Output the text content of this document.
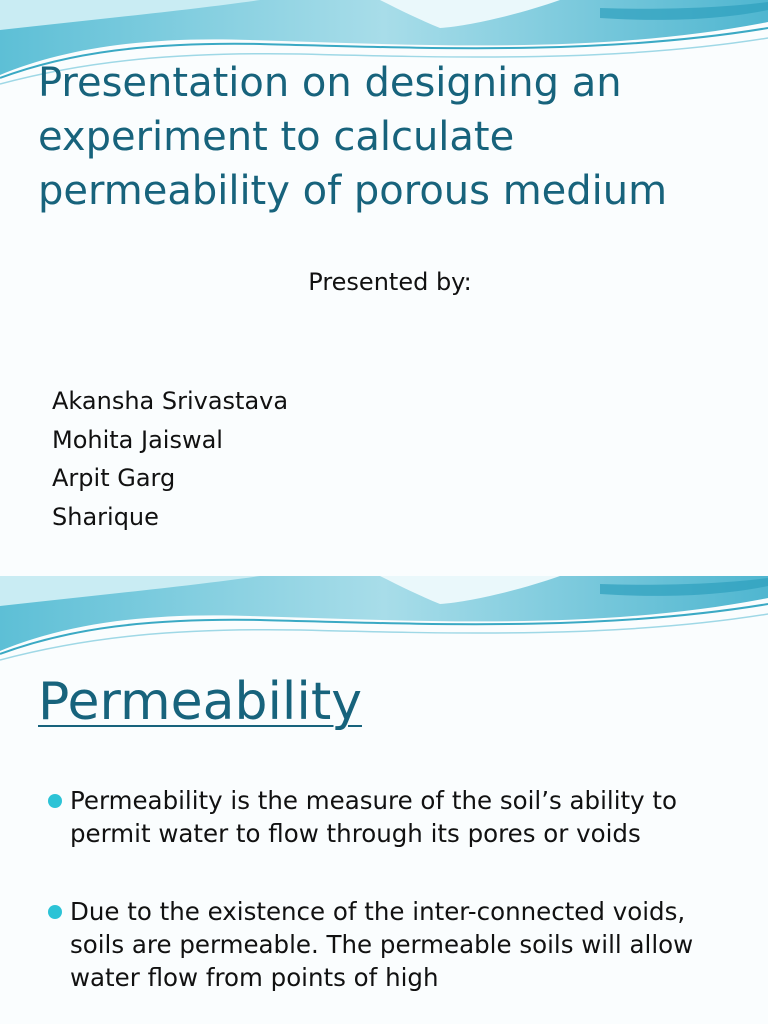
Presentation on designing an experiment to calculate permeability of porous medium
Presented by:
Akansha Srivastava
Mohita Jaiswal
Arpit Garg
Sharique
Permeability
Permeability is the measure of the soil’s ability to permit water to flow through its pores or voids
Due to the existence of the inter-connected voids, soils are permeable. The permeable soils will allow water flow from points of high
